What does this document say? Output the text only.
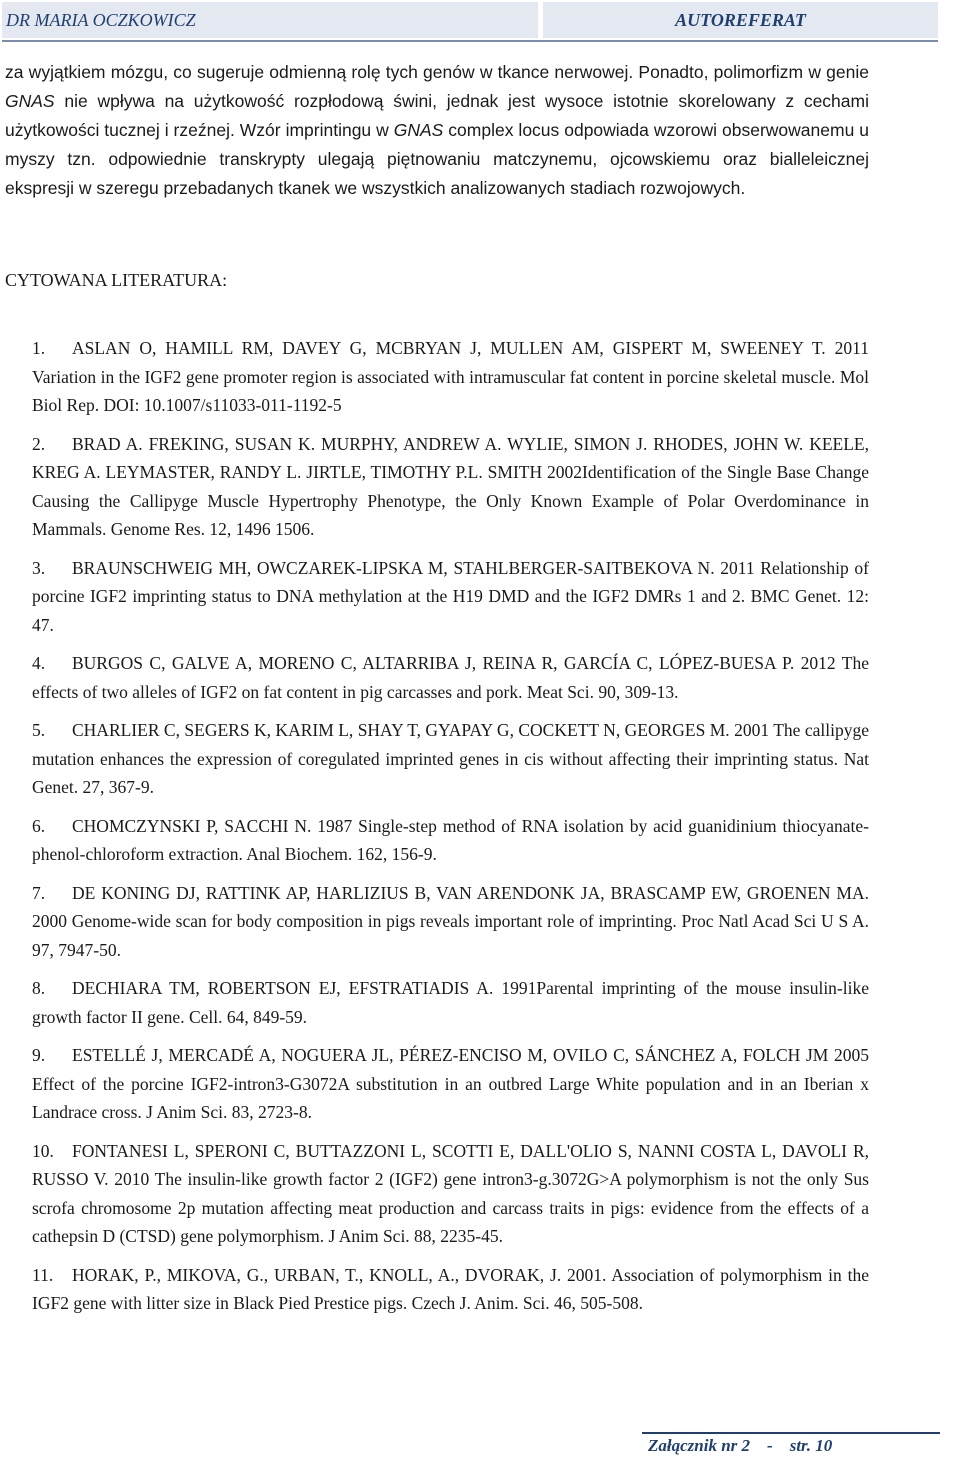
DR MARIA OCZKOWICZ	AUTOREFERAT

za wyjątkiem mózgu, co sugeruje odmienną rolę tych genów w tkance nerwowej. Ponadto, polimorfizm w genie GNAS nie wpływa na użytkowość rozpłodową świni, jednak jest wysoce istotnie skorelowany z cechami użytkowości tucznej i rzeźnej. Wzór imprintingu w GNAS complex locus odpowiada wzorowi obserwowanemu u myszy tzn. odpowiednie transkrypty ulegają piętnowaniu matczynemu, ojcowskiemu oraz bialleleicznej ekspresji w szeregu przebadanych tkanek we wszystkich analizowanych stadiach rozwojowych.

CYTOWANA LITERATURA:
1. ASLAN O, HAMILL RM, DAVEY G, MCBRYAN J, MULLEN AM, GISPERT M, SWEENEY T. 2011 Variation in the IGF2 gene promoter region is associated with intramuscular fat content in porcine skeletal muscle. Mol Biol Rep. DOI: 10.1007/s11033-011-1192-5
2. BRAD A. FREKING, SUSAN K. MURPHY, ANDREW A. WYLIE, SIMON J. RHODES, JOHN W. KEELE, KREG A. LEYMASTER, RANDY L. JIRTLE, TIMOTHY P.L. SMITH 2002Identification of the Single Base Change Causing the Callipyge Muscle Hypertrophy Phenotype, the Only Known Example of Polar Overdominance in Mammals. Genome Res. 12, 1496 1506.
3. BRAUNSCHWEIG MH, OWCZAREK-LIPSKA M, STAHLBERGER-SAITBEKOVA N. 2011 Relationship of porcine IGF2 imprinting status to DNA methylation at the H19 DMD and the IGF2 DMRs 1 and 2. BMC Genet. 12: 47.
4. BURGOS C, GALVE A, MORENO C, ALTARRIBA J, REINA R, GARCÍA C, LÓPEZ-BUESA P. 2012 The effects of two alleles of IGF2 on fat content in pig carcasses and pork. Meat Sci. 90, 309-13.
5. CHARLIER C, SEGERS K, KARIM L, SHAY T, GYAPAY G, COCKETT N, GEORGES M. 2001 The callipyge mutation enhances the expression of coregulated imprinted genes in cis without affecting their imprinting status. Nat Genet. 27, 367-9.
6. CHOMCZYNSKI P, SACCHI N. 1987 Single-step method of RNA isolation by acid guanidinium thiocyanate-phenol-chloroform extraction. Anal Biochem. 162, 156-9.
7. DE KONING DJ, RATTINK AP, HARLIZIUS B, VAN ARENDONK JA, BRASCAMP EW, GROENEN MA. 2000 Genome-wide scan for body composition in pigs reveals important role of imprinting. Proc Natl Acad Sci U S A. 97, 7947-50.
8. DECHIARA TM, ROBERTSON EJ, EFSTRATIADIS A. 1991Parental imprinting of the mouse insulin-like growth factor II gene. Cell. 64, 849-59.
9. ESTELLÉ J, MERCADÉ A, NOGUERA JL, PÉREZ-ENCISO M, OVILO C, SÁNCHEZ A, FOLCH JM 2005 Effect of the porcine IGF2-intron3-G3072A substitution in an outbred Large White population and in an Iberian x Landrace cross. J Anim Sci. 83, 2723-8.
10. FONTANESI L, SPERONI C, BUTTAZZONI L, SCOTTI E, DALL'OLIO S, NANNI COSTA L, DAVOLI R, RUSSO V. 2010 The insulin-like growth factor 2 (IGF2) gene intron3-g.3072G>A polymorphism is not the only Sus scrofa chromosome 2p mutation affecting meat production and carcass traits in pigs: evidence from the effects of a cathepsin D (CTSD) gene polymorphism. J Anim Sci. 88, 2235-45.
11. HORAK, P., MIKOVA, G., URBAN, T., KNOLL, A., DVORAK, J. 2001. Association of polymorphism in the IGF2 gene with litter size in Black Pied Prestice pigs. Czech J. Anim. Sci. 46, 505-508.
Załącznik nr 2 - str. 10
